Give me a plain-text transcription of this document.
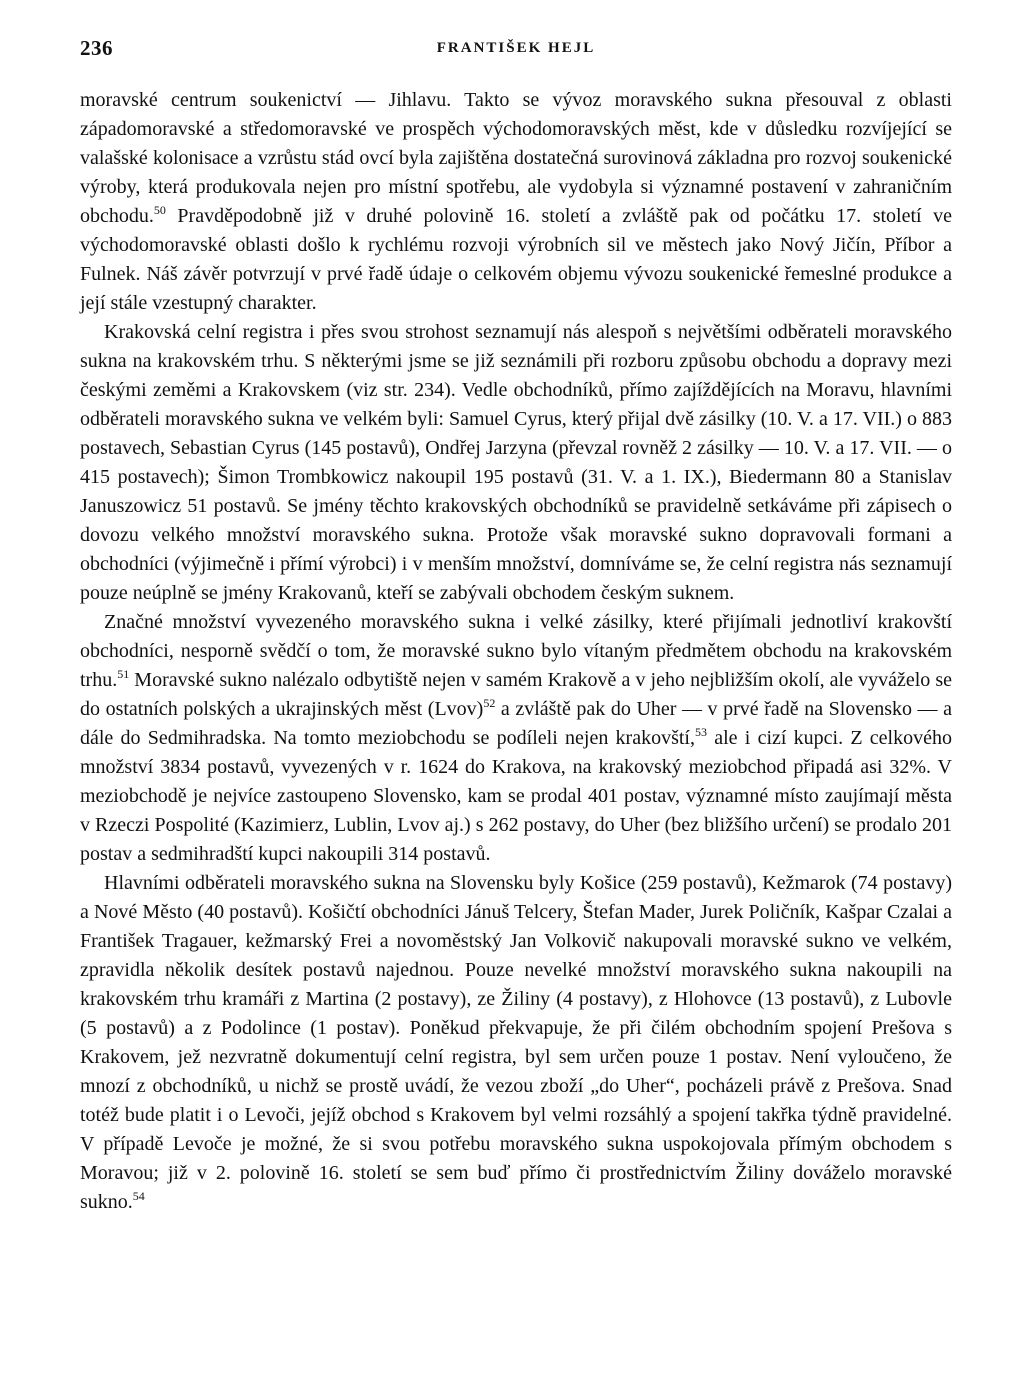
236	FRANTIŠEK HEJL

moravské centrum soukenictví — Jihlavu. Takto se vývoz moravského sukna přesouval z oblasti západomoravské a středomoravské ve prospěch východomoravských měst, kde v důsledku rozvíjející se valašské kolonisace a vzrůstu stád ovcí byla zajištěna dostatečná surovinová základna pro rozvoj soukenické výroby, která produkovala nejen pro místní spotřebu, ale vydobyla si významné postavení v zahraničním obchodu.$^{50}$ Pravděpodobně již v druhé polovině 16. století a zvláště pak od počátku 17. století ve východomoravské oblasti došlo k rychlému rozvoji výrobních sil ve městech jako Nový Jičín, Příbor a Fulnek. Náš závěr potvrzují v prvé řadě údaje o celkovém objemu vývozu soukenické řemeslné produkce a její stále vzestupný charakter.

Krakovská celní registra i přes svou strohost seznamují nás alespoň s největšími odběrateli moravského sukna na krakovském trhu. S některými jsme se již seznámili při rozboru způsobu obchodu a dopravy mezi českými zeměmi a Krakovskem (viz str. 234). Vedle obchodníků, přímo zajíždějících na Moravu, hlavními odběrateli moravského sukna ve velkém byli: Samuel Cyrus, který přijal dvě zásilky (10. V. a 17. VII.) o 883 postavech, Sebastian Cyrus (145 postavů), Ondřej Jarzyna (převzal rovněž 2 zásilky — 10. V. a 17. VII. — o 415 postavech); Šimon Trombkowicz nakoupil 195 postavů (31. V. a 1. IX.), Biedermann 80 a Stanislav Januszowicz 51 postavů. Se jmény těchto krakovských obchodníků se pravidelně setkáváme při zápisech o dovozu velkého množství moravského sukna. Protože však moravské sukno dopravovali formani a obchodníci (výjimečně i přímí výrobci) i v menším množství, domníváme se, že celní registra nás seznamují pouze neúplně se jmény Krakovanů, kteří se zabývali obchodem českým suknem.

Značné množství vyvezeného moravského sukna i velké zásilky, které přijímali jednotliví krakovští obchodníci, nesporně svědčí o tom, že moravské sukno bylo vítaným předmětem obchodu na krakovském trhu.$^{51}$ Moravské sukno nalézalo odbytiště nejen v samém Krakově a v jeho nejbližším okolí, ale vyváželo se do ostatních polských a ukrajinských měst (Lvov)$^{52}$ a zvláště pak do Uher — v prvé řadě na Slovensko — a dále do Sedmihradska. Na tomto meziobchodu se podíleli nejen krakovští,$^{53}$ ale i cizí kupci. Z celkového množství 3834 postavů, vyvezených v r. 1624 do Krakova, na krakovský meziobchod připadá asi 32%. V meziobchodě je nejvíce zastoupeno Slovensko, kam se prodal 401 postav, významné místo zaujímají města v Rzeczi Pospolité (Kazimierz, Lublin, Lvov aj.) s 262 postavy, do Uher (bez bližšího určení) se prodalo 201 postav a sedmihradští kupci nakoupili 314 postavů.

Hlavními odběrateli moravského sukna na Slovensku byly Košice (259 postavů), Kežmarok (74 postavy) a Nové Město (40 postavů). Košičtí obchodníci Jánuš Telcery, Štefan Mader, Jurek Poličník, Kašpar Czalai a František Tragauer, kežmarský Frei a novoměstský Jan Volkovič nakupovali moravské sukno ve velkém, zpravidla několik desítek postavů najednou. Pouze nevelké množství moravského sukna nakoupili na krakovském trhu kramáři z Martina (2 postavy), ze Žiliny (4 postavy), z Hlohovce (13 postavů), z Lubovle (5 postavů) a z Podolince (1 postav). Poněkud překvapuje, že při čilém obchodním spojení Prešova s Krakovem, jež nezvratně dokumentují celní registra, byl sem určen pouze 1 postav. Není vyloučeno, že mnozí z obchodníků, u nichž se prostě uvádí, že vezou zboží „do Uher“, pocházeli právě z Prešova. Snad totéž bude platit i o Levoči, jejíž obchod s Krakovem byl velmi rozsáhlý a spojení takřka týdně pravidelné. V případě Levoče je možné, že si svou potřebu moravského sukna uspokojovala přímým obchodem s Moravou; již v 2. polovině 16. století se sem buď přímo či prostřednictvím Žiliny dováželo moravské sukno.$^{54}$
